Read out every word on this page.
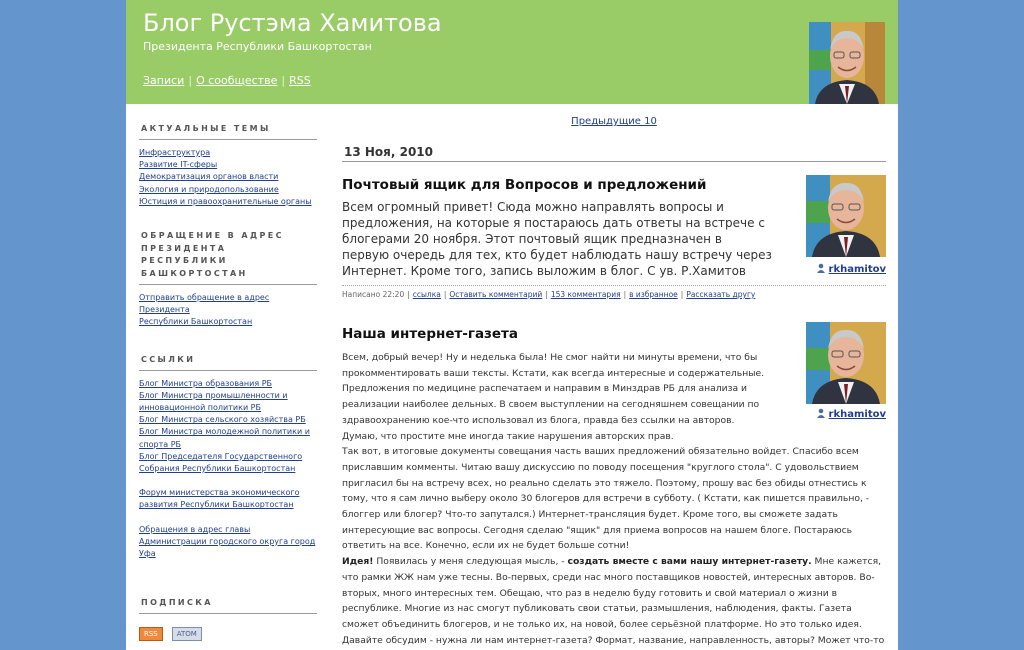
Блог Рустэма Хамитова
Президента Республики Башкортостан
Записи | О сообществе | RSS
АКТУАЛЬНЫЕ ТЕМЫ
Инфраструктура
Развитие IT-сферы
Демократизация органов власти
Экология и природопользование
Юстиция и правоохранительные органы
ОБРАЩЕНИЕ В АДРЕС ПРЕЗИДЕНТА РЕСПУБЛИКИ БАШКОРТОСТАН
Отправить обращение в адрес Президента
Республики Башкортостан
ССЫЛКИ
Блог Министра образования РБ
Блог Министра промышленности и инновационной политики РБ
Блог Министра сельского хозяйства РБ
Блог Министра молодежной политики и спорта РБ
Блог Председателя Государственного Собрания Республики Башкортостан
Форум министерства экономического развития Республики Башкортостан
Обращения в адрес главы Администрации городского округа город Уфа
ПОДПИСКА
RSS	ATOM
Предыдущие 10
13 Ноя, 2010
Почтовый ящик для Вопросов и предложений
rkhamitov

Всем огромный привет! Сюда можно направлять вопросы и предложения, на которые я постараюсь дать ответы на встрече с блогерами 20 ноября. Этот почтовый ящик предназначен в первую очередь для тех, кто будет наблюдать нашу встречу через Интернет. Кроме того, запись выложим в блог. С ув. Р.Хамитов

Написано 22:20 | ссылка | Оставить комментарий | 153 комментария | в избранное | Рассказать другу
Наша интернет-газета
rkhamitov
Всем, добрый вечер! Ну и неделька была! Не смог найти ни минуты времени, что бы прокомментировать ваши тексты. Кстати, как всегда интересные и содержательные. Предложения по медицине распечатаем и направим в Минздрав РБ для анализа и реализации наиболее дельных. В своем выступлении на сегодняшнем совещании по здравоохранению кое-что использовал из блога, правда без ссылки на авторов. Думаю, что простите мне иногда такие нарушения авторских прав.
Так вот, в итоговые документы совещания часть ваших предложений обязательно войдет. Спасибо всем приславшим комменты. Читаю вашу дискуссию по поводу посещения "круглого стола". С удовольствием пригласил бы на встречу всех, но реально сделать это тяжело. Поэтому, прошу вас без обиды отнестись к тому, что я сам лично выберу около 30 блогеров для встречи в субботу. ( Кстати, как пишется правильно, - блоггер или блогер? Что-то запутался.) Интернет-трансляция будет. Кроме того, вы сможете задать интересующие вас вопросы. Сегодня сделаю "ящик" для приема вопросов на нашем блоге. Постараюсь ответить на все. Конечно, если их не будет больше сотни!
Идея! Появилась у меня следующая мысль, - создать вместе с вами нашу интернет-газету. Мне кажется, что рамки ЖЖ нам уже тесны. Во-первых, среди нас много поставщиков новостей, интересных авторов. Во-вторых, много интересных тем. Обещаю, что раз в неделю буду готовить и свой материал о жизни в республике. Многие из нас смогут публиковать свои статьи, размышления, наблюдения, факты. Газета сможет объединить блогеров, и не только их, на новой, более серьёзной платформе. Но это только идея. Давайте обсудим - нужна ли нам интернет-газета? Формат, название, направленность, авторы? Может что-то
